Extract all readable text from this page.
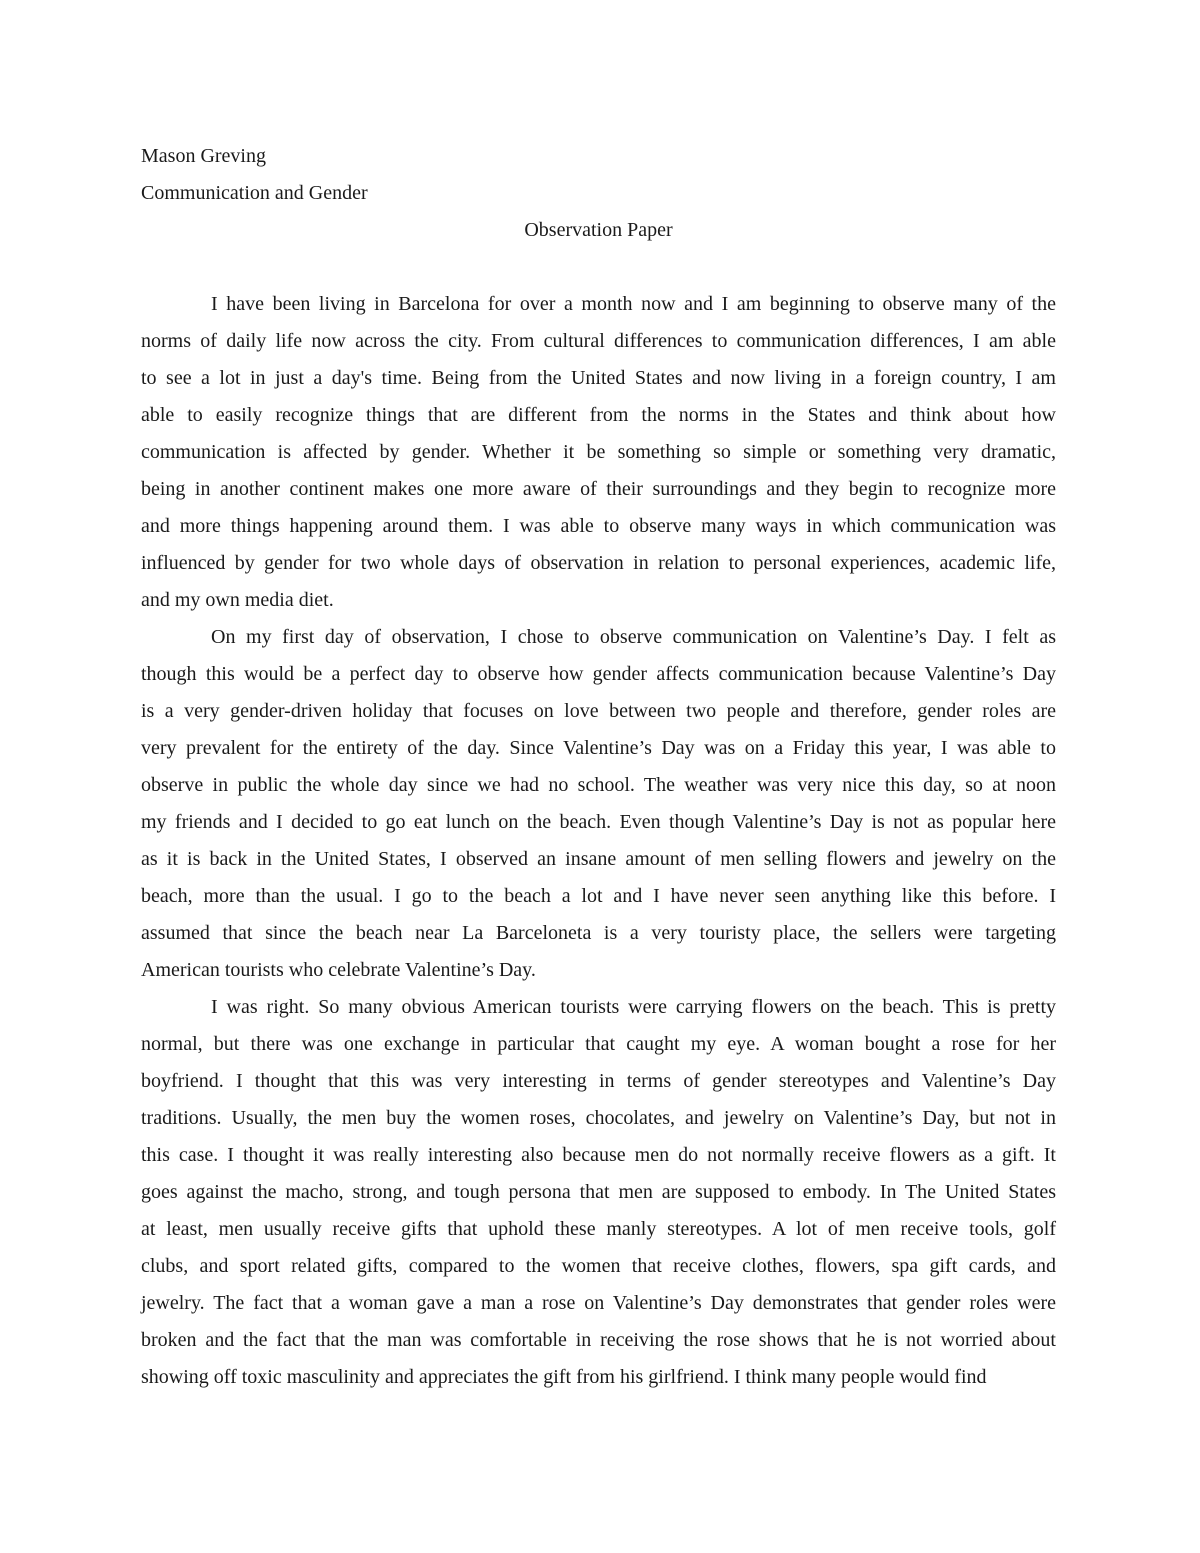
Mason Greving
Communication and Gender
Observation Paper
I have been living in Barcelona for over a month now and I am beginning to observe many of the
norms of daily life now across the city. From cultural differences to communication differences, I am able
to see a lot in just a day's time. Being from the United States and now living in a foreign country, I am
able to easily recognize things that are different from the norms in the States and think about how
communication is affected by gender. Whether it be something so simple or something very dramatic,
being in another continent makes one more aware of their surroundings and they begin to recognize more
and more things happening around them. I was able to observe many ways in which communication was
influenced by gender for two whole days of observation in relation to personal experiences, academic life,
and my own media diet.
On my first day of observation, I chose to observe communication on Valentine’s Day. I felt as
though this would be a perfect day to observe how gender affects communication because Valentine’s Day
is a very gender-driven holiday that focuses on love between two people and therefore, gender roles are
very prevalent for the entirety of the day. Since Valentine’s Day was on a Friday this year, I was able to
observe in public the whole day since we had no school. The weather was very nice this day, so at noon
my friends and I decided to go eat lunch on the beach. Even though Valentine’s Day is not as popular here
as it is back in the United States, I observed an insane amount of men selling flowers and jewelry on the
beach, more than the usual. I go to the beach a lot and I have never seen anything like this before. I
assumed that since the beach near La Barceloneta is a very touristy place, the sellers were targeting
American tourists who celebrate Valentine’s Day.
I was right. So many obvious American tourists were carrying flowers on the beach. This is pretty
normal, but there was one exchange in particular that caught my eye. A woman bought a rose for her
boyfriend. I thought that this was very interesting in terms of gender stereotypes and Valentine’s Day
traditions. Usually, the men buy the women roses, chocolates, and jewelry on Valentine’s Day, but not in
this case. I thought it was really interesting also because men do not normally receive flowers as a gift. It
goes against the macho, strong, and tough persona that men are supposed to embody. In The United States
at least, men usually receive gifts that uphold these manly stereotypes. A lot of men receive tools, golf
clubs, and sport related gifts, compared to the women that receive clothes, flowers, spa gift cards, and
jewelry. The fact that a woman gave a man a rose on Valentine’s Day demonstrates that gender roles were
broken and the fact that the man was comfortable in receiving the rose shows that he is not worried about
showing off toxic masculinity and appreciates the gift from his girlfriend. I think many people would find
